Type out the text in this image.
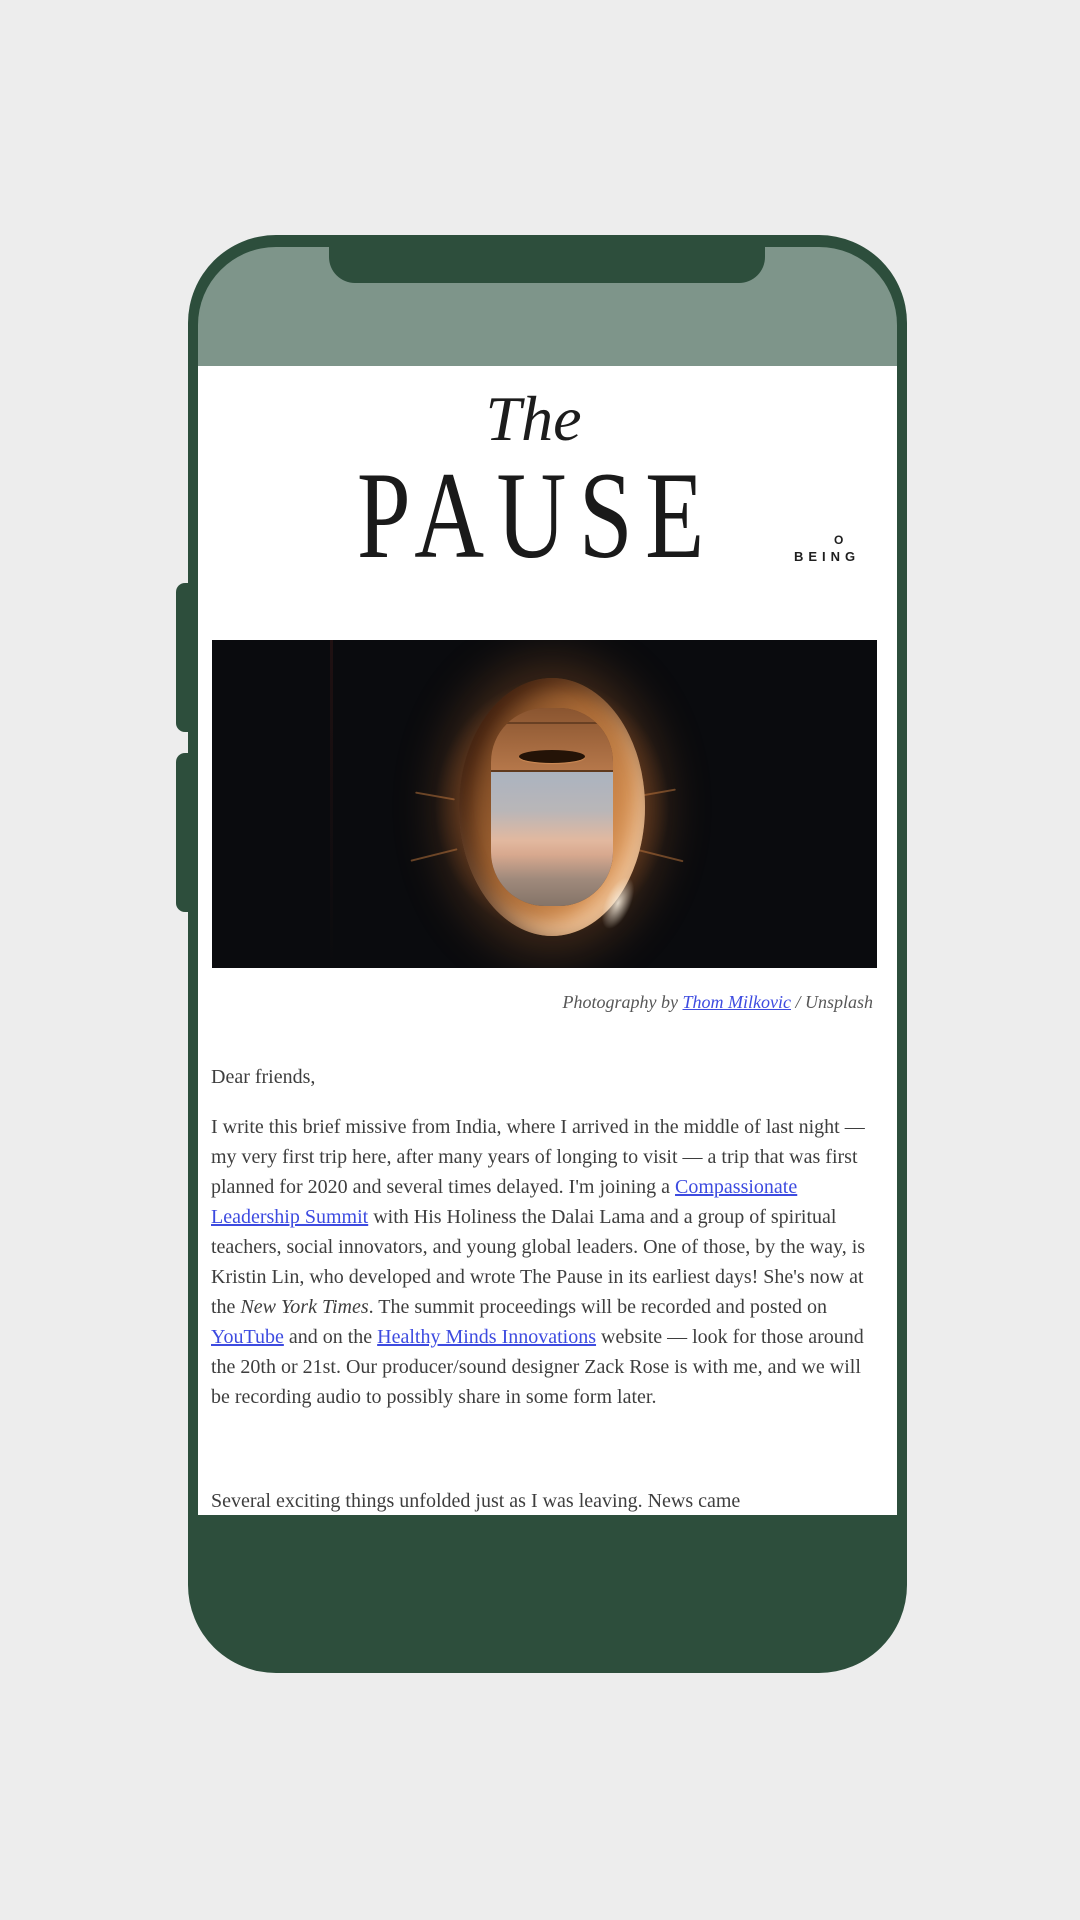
The
PAUSE	O
BEING
Photography by Thom Milkovic / Unsplash
Dear friends,
I write this brief missive from India, where I arrived in the middle of last night — my very first trip here, after many years of longing to visit — a trip that was first planned for 2020 and several times delayed. I'm joining a Compassionate Leadership Summit with His Holiness the Dalai Lama and a group of spiritual teachers, social innovators, and young global leaders. One of those, by the way, is Kristin Lin, who developed and wrote The Pause in its earliest days! She's now at the New York Times. The summit proceedings will be recorded and posted on YouTube and on the Healthy Minds Innovations website — look for those around the 20th or 21st. Our producer/sound designer Zack Rose is with me, and we will be recording audio to possibly share in some form later.
Several exciting things unfolded just as I was leaving. News came
